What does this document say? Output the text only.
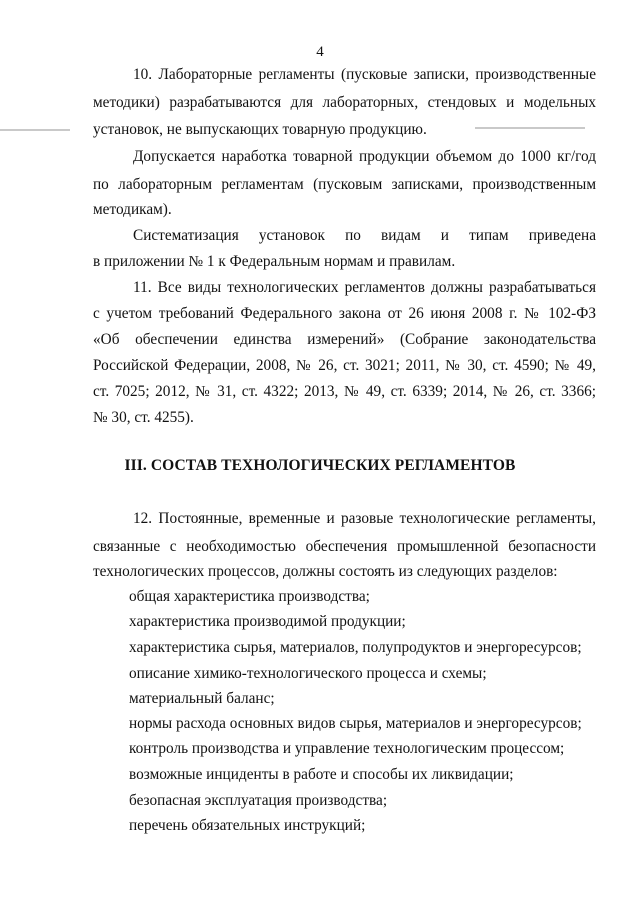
4
10. Лабораторные регламенты (пусковые записки, производственные
методики) разрабатываются для лабораторных, стендовых и модельных
установок, не выпускающих товарную продукцию.
Допускается наработка товарной продукции объемом до 1000 кг/год
по лабораторным регламентам (пусковым записками, производственным
методикам).
Систематизация установок по видам и типам приведена
в приложении № 1 к Федеральным нормам и правилам.
11. Все виды технологических регламентов должны разрабатываться
с учетом требований Федерального закона от 26 июня 2008 г. № 102-ФЗ
«Об обеспечении единства измерений» (Собрание законодательства
Российской Федерации, 2008, № 26, ст. 3021; 2011, № 30, ст. 4590; № 49,
ст. 7025; 2012, № 31, ст. 4322; 2013, № 49, ст. 6339; 2014, № 26, ст. 3366;
№ 30, ст. 4255).
III. СОСТАВ ТЕХНОЛОГИЧЕСКИХ РЕГЛАМЕНТОВ
12. Постоянные, временные и разовые технологические регламенты,
связанные с необходимостью обеспечения промышленной безопасности
технологических процессов, должны состоять из следующих разделов:
общая характеристика производства;
характеристика производимой продукции;
характеристика сырья, материалов, полупродуктов и энергоресурсов;
описание химико-технологического процесса и схемы;
материальный баланс;
нормы расхода основных видов сырья, материалов и энергоресурсов;
контроль производства и управление технологическим процессом;
возможные инциденты в работе и способы их ликвидации;
безопасная эксплуатация производства;
перечень обязательных инструкций;
